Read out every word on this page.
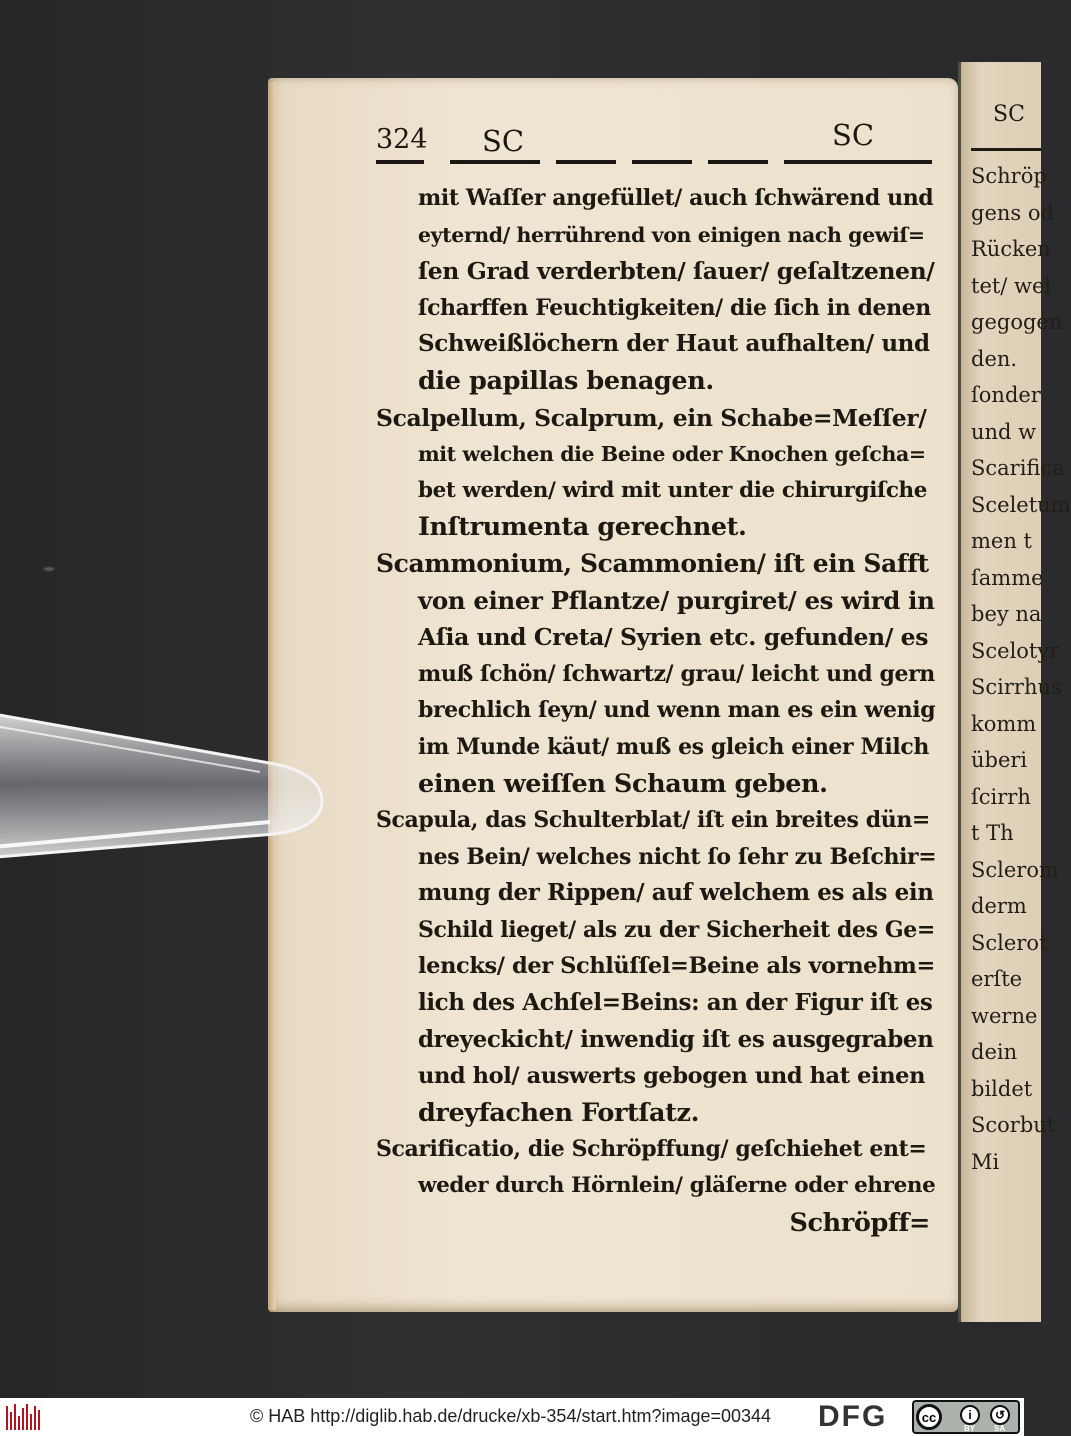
SC
Schröp
gens od
Rücken
tet/ wel
gegogen
den.
ſonder
und w
Scarifica
Sceletum
men t
ſamme
bey na
Scelotyr
Scirrhus
komm
überi
ſcirrh
t Th
Sclerom
derm
Sclerot
erſte
werne
dein
bildet
Scorbut
Mi
324 SC	SC
mit Waſſer angefüllet/ auch ſchwärend und
eyternd/ herrührend von einigen nach gewiſ=
ſen Grad verderbten/ ſauer/ geſaltzenen/
ſcharffen Feuchtigkeiten/ die ſich in denen
Schweißlöchern der Haut aufhalten/ und
die papillas benagen.
Scalpellum, Scalprum, ein Schabe=Meſſer/
mit welchen die Beine oder Knochen geſcha=
bet werden/ wird mit unter die chirurgiſche
Inſtrumenta gerechnet.
Scammonium, Scammonien/ iſt ein Safft
von einer Pflantze/ purgiret/ es wird in
Aſia und Creta/ Syrien etc. gefunden/ es
muß ſchön/ ſchwartz/ grau/ leicht und gern
brechlich ſeyn/ und wenn man es ein wenig
im Munde käut/ muß es gleich einer Milch
einen weiſſen Schaum geben.
Scapula, das Schulterblat/ iſt ein breites dün=
nes Bein/ welches nicht ſo ſehr zu Beſchir=
mung der Rippen/ auf welchem es als ein
Schild lieget/ als zu der Sicherheit des Ge=
lencks/ der Schlüſſel=Beine als vornehm=
lich des Achſel=Beins: an der Figur iſt es
dreyeckicht/ inwendig iſt es ausgegraben
und hol/ auswerts gebogen und hat einen
dreyfachen Fortſatz.
Scarificatio, die Schröpffung/ geſchiehet ent=
weder durch Hörnlein/ gläſerne oder ehrene
Schröpff=
© HAB http://diglib.hab.de/drucke/xb-354/start.htm?image=00344 DFG	cc	i	↺
BY SA
